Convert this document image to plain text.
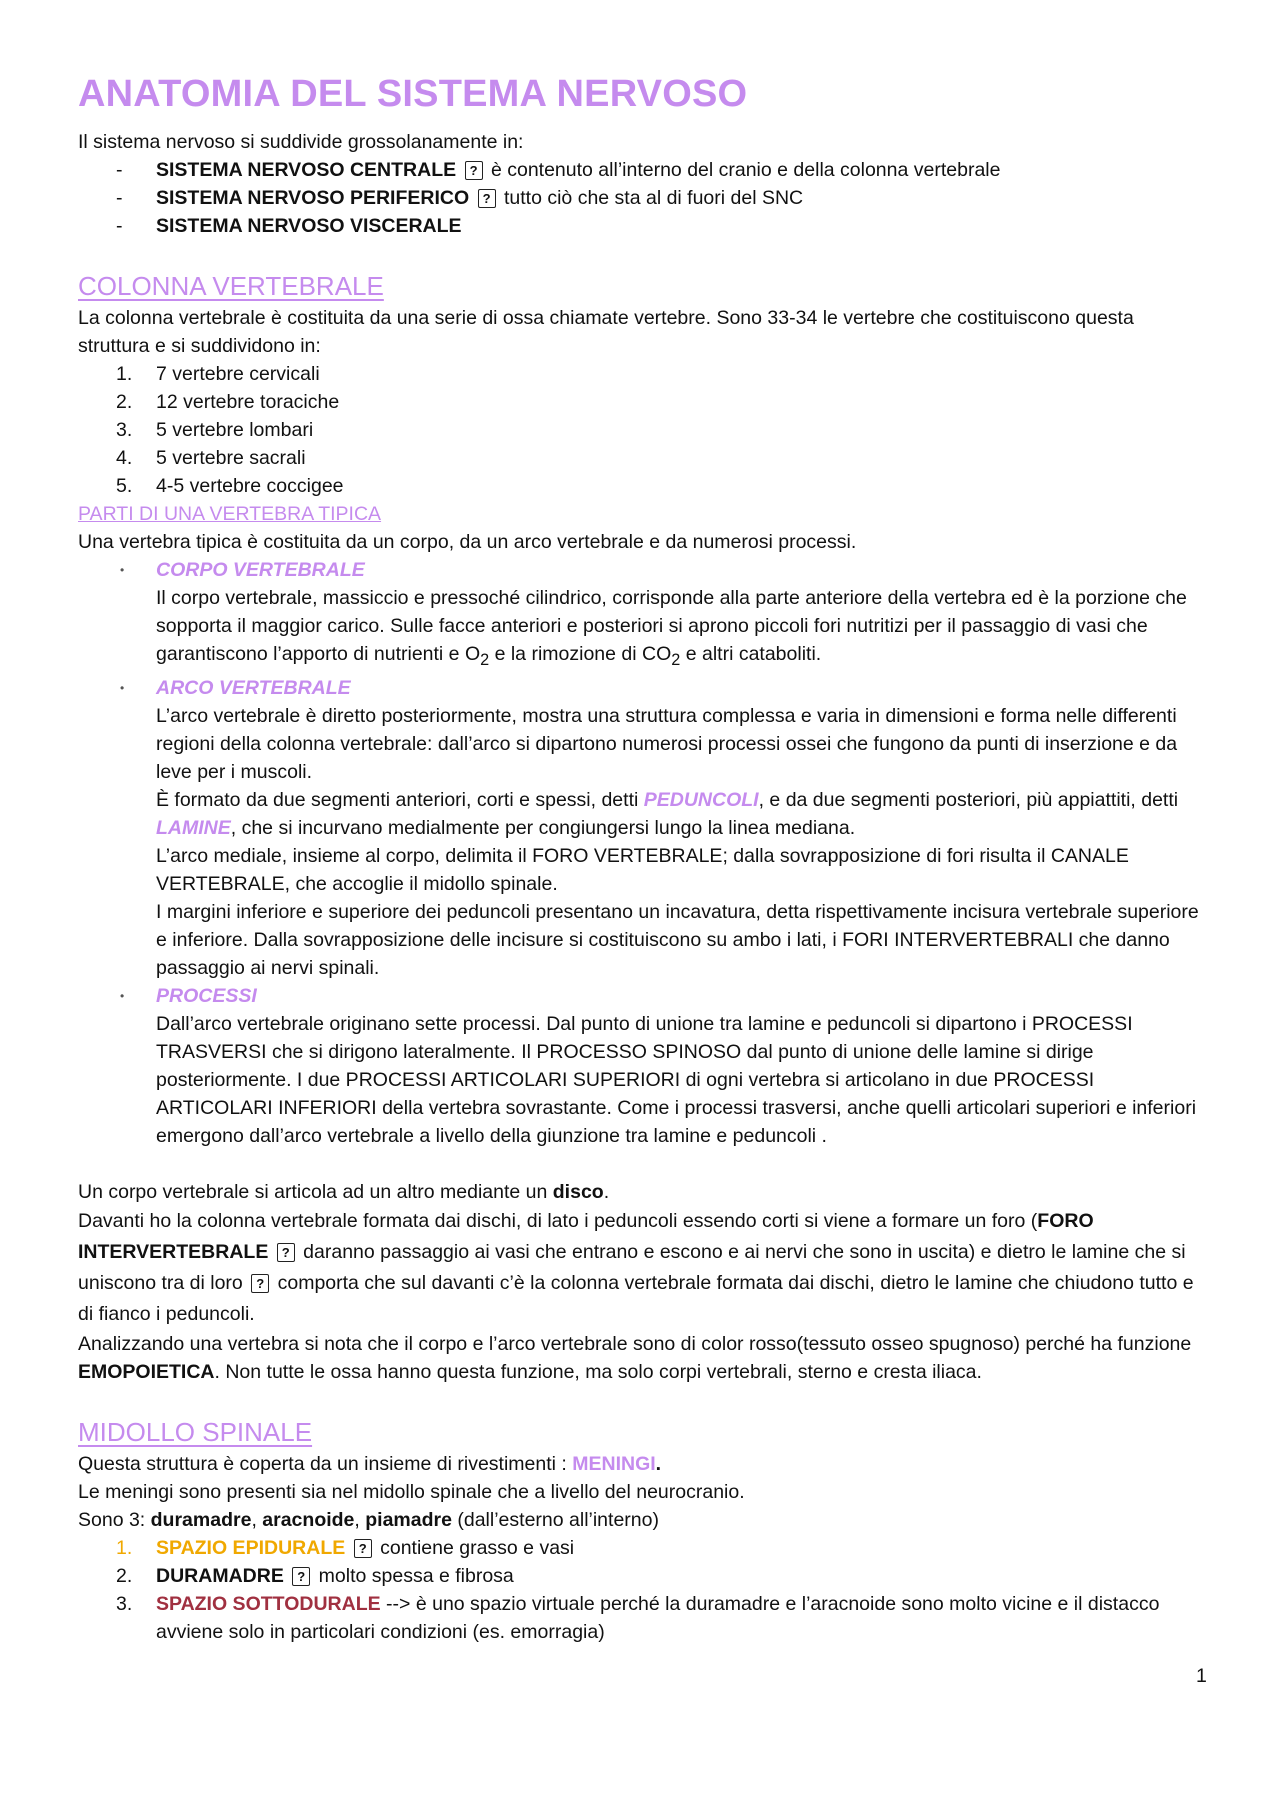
ANATOMIA DEL SISTEMA NERVOSO

Il sistema nervoso si suddivide grossolanamente in:

- SISTEMA NERVOSO CENTRALE ? è contenuto all’interno del cranio e della colonna vertebrale
- SISTEMA NERVOSO PERIFERICO ? tutto ciò che sta al di fuori del SNC
- SISTEMA NERVOSO VISCERALE
COLONNA VERTEBRALE

La colonna vertebrale è costituita da una serie di ossa chiamate vertebre. Sono 33-34 le vertebre che costituiscono questa struttura e si suddividono in:

1. 7 vertebre cervicali
2. 12 vertebre toraciche
3. 5 vertebre lombari
4. 5 vertebre sacrali
5. 4-5 vertebre coccigee
PARTI DI UNA VERTEBRA TIPICA

Una vertebra tipica è costituita da un corpo, da un arco vertebrale e da numerosi processi.

• CORPO VERTEBRALE
Il corpo vertebrale, massiccio e pressoché cilindrico, corrisponde alla parte anteriore della vertebra ed è la porzione che sopporta il maggior carico. Sulle facce anteriori e posteriori si aprono piccoli fori nutritizi per il passaggio di vasi che garantiscono l’apporto di nutrienti e $O_2$ e la rimozione di $CO_2$ e altri cataboliti.
• ARCO VERTEBRALE
L’arco vertebrale è diretto posteriormente, mostra una struttura complessa e varia in dimensioni e forma nelle differenti regioni della colonna vertebrale: dall’arco si dipartono numerosi processi ossei che fungono da punti di inserzione e da leve per i muscoli.
È formato da due segmenti anteriori, corti e spessi, detti PEDUNCOLI, e da due segmenti posteriori, più appiattiti, detti LAMINE, che si incurvano medialmente per congiungersi lungo la linea mediana.
L’arco mediale, insieme al corpo, delimita il FORO VERTEBRALE; dalla sovrapposizione di fori risulta il CANALE VERTEBRALE, che accoglie il midollo spinale.
I margini inferiore e superiore dei peduncoli presentano un incavatura, detta rispettivamente incisura vertebrale superiore e inferiore. Dalla sovrapposizione delle incisure si costituiscono su ambo i lati, i FORI INTERVERTEBRALI che danno passaggio ai nervi spinali.
• PROCESSI
Dall’arco vertebrale originano sette processi. Dal punto di unione tra lamine e peduncoli si dipartono i PROCESSI TRASVERSI che si dirigono lateralmente. Il PROCESSO SPINOSO dal punto di unione delle lamine si dirige posteriormente. I due PROCESSI ARTICOLARI SUPERIORI di ogni vertebra si articolano in due PROCESSI ARTICOLARI INFERIORI della vertebra sovrastante. Come i processi trasversi, anche quelli articolari superiori e inferiori emergono dall’arco vertebrale a livello della giunzione tra lamine e peduncoli .

Un corpo vertebrale si articola ad un altro mediante un disco.

Davanti ho la colonna vertebrale formata dai dischi, di lato i peduncoli essendo corti si viene a formare un foro (FORO INTERVERTEBRALE ? daranno passaggio ai vasi che entrano e escono e ai nervi che sono in uscita) e dietro le lamine che si uniscono tra di loro ? comporta che sul davanti c’è la colonna vertebrale formata dai dischi, dietro le lamine che chiudono tutto e di fianco i peduncoli.

Analizzando una vertebra si nota che il corpo e l’arco vertebrale sono di color rosso(tessuto osseo spugnoso) perché ha funzione EMOPOIETICA. Non tutte le ossa hanno questa funzione, ma solo corpi vertebrali, sterno e cresta iliaca.

MIDOLLO SPINALE

Questa struttura è coperta da un insieme di rivestimenti : MENINGI.

Le meningi sono presenti sia nel midollo spinale che a livello del neurocranio.

Sono 3: duramadre, aracnoide, piamadre (dall’esterno all’interno)

1. SPAZIO EPIDURALE ? contiene grasso e vasi
2. DURAMADRE ? molto spessa e fibrosa
3. SPAZIO SOTTODURALE --> è uno spazio virtuale perché la duramadre e l’aracnoide sono molto vicine e il distacco avviene solo in particolari condizioni (es. emorragia)
1
